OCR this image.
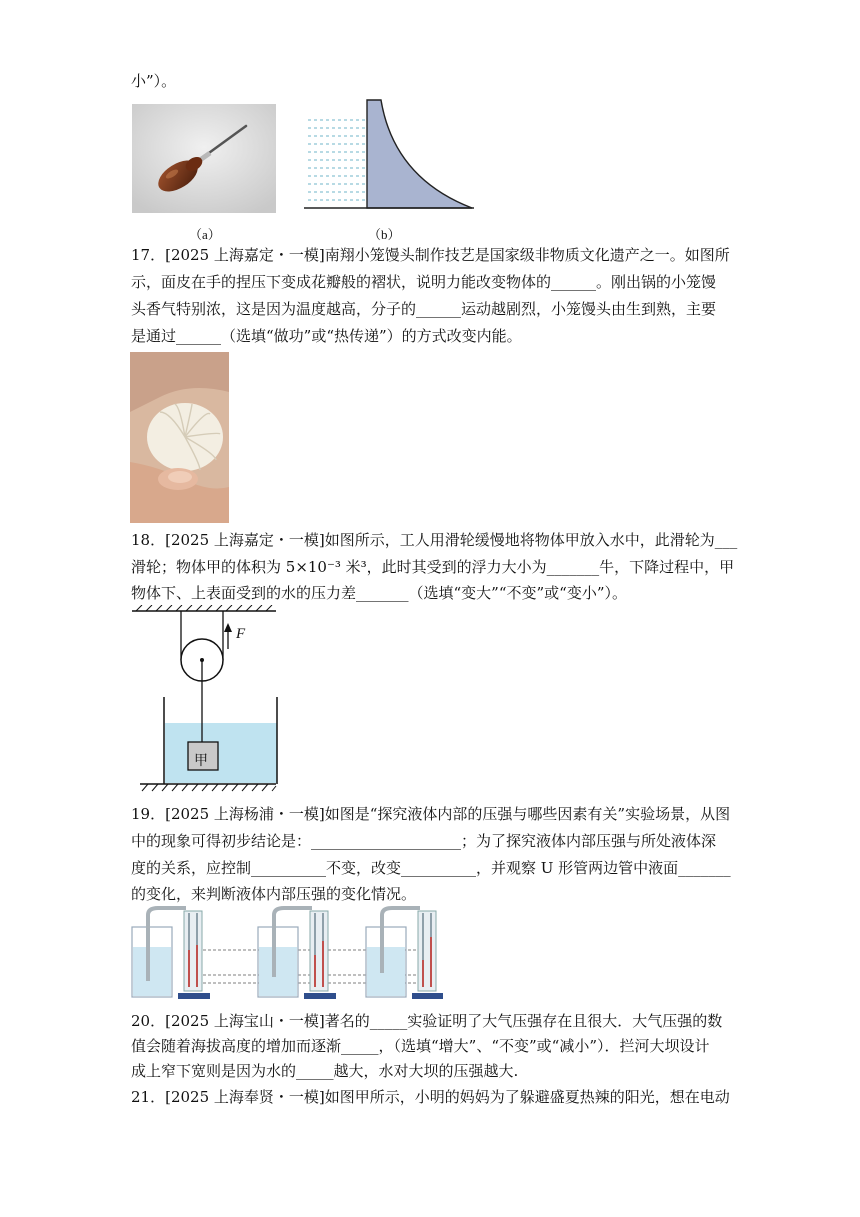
小”）。
（a）	（b）
17．[2025 上海嘉定・一模]南翔小笼馒头制作技艺是国家级非物质文化遗产之一。如图所
示，面皮在手的捏压下变成花瓣般的褶状，说明力能改变物体的______。刚出锅的小笼馒
头香气特别浓，这是因为温度越高，分子的______运动越剧烈，小笼馒头由生到熟，主要
是通过______（选填“做功”或“热传递”）的方式改变内能。
18．[2025 上海嘉定・一模]如图所示，工人用滑轮缓慢地将物体甲放入水中，此滑轮为___
滑轮；物体甲的体积为 5×10⁻³ 米³，此时其受到的浮力大小为_______牛，下降过程中，甲
物体下、上表面受到的水的压力差_______（选填“变大”“不变”或“变小”）。
F
甲
19．[2025 上海杨浦・一模]如图是“探究液体内部的压强与哪些因素有关”实验场景，从图
中的现象可得初步结论是：____________________；为了探究液体内部压强与所处液体深
度的关系，应控制__________不变，改变__________，并观察 U 形管两边管中液面_______
的变化，来判断液体内部压强的变化情况。
20．[2025 上海宝山・一模]著名的_____实验证明了大气压强存在且很大．大气压强的数
值会随着海拔高度的增加而逐渐_____，（选填“增大”、“不变”或“减小”）．拦河大坝设计
成上窄下宽则是因为水的_____越大，水对大坝的压强越大.
21．[2025 上海奉贤・一模]如图甲所示，小明的妈妈为了躲避盛夏热辣的阳光，想在电动
